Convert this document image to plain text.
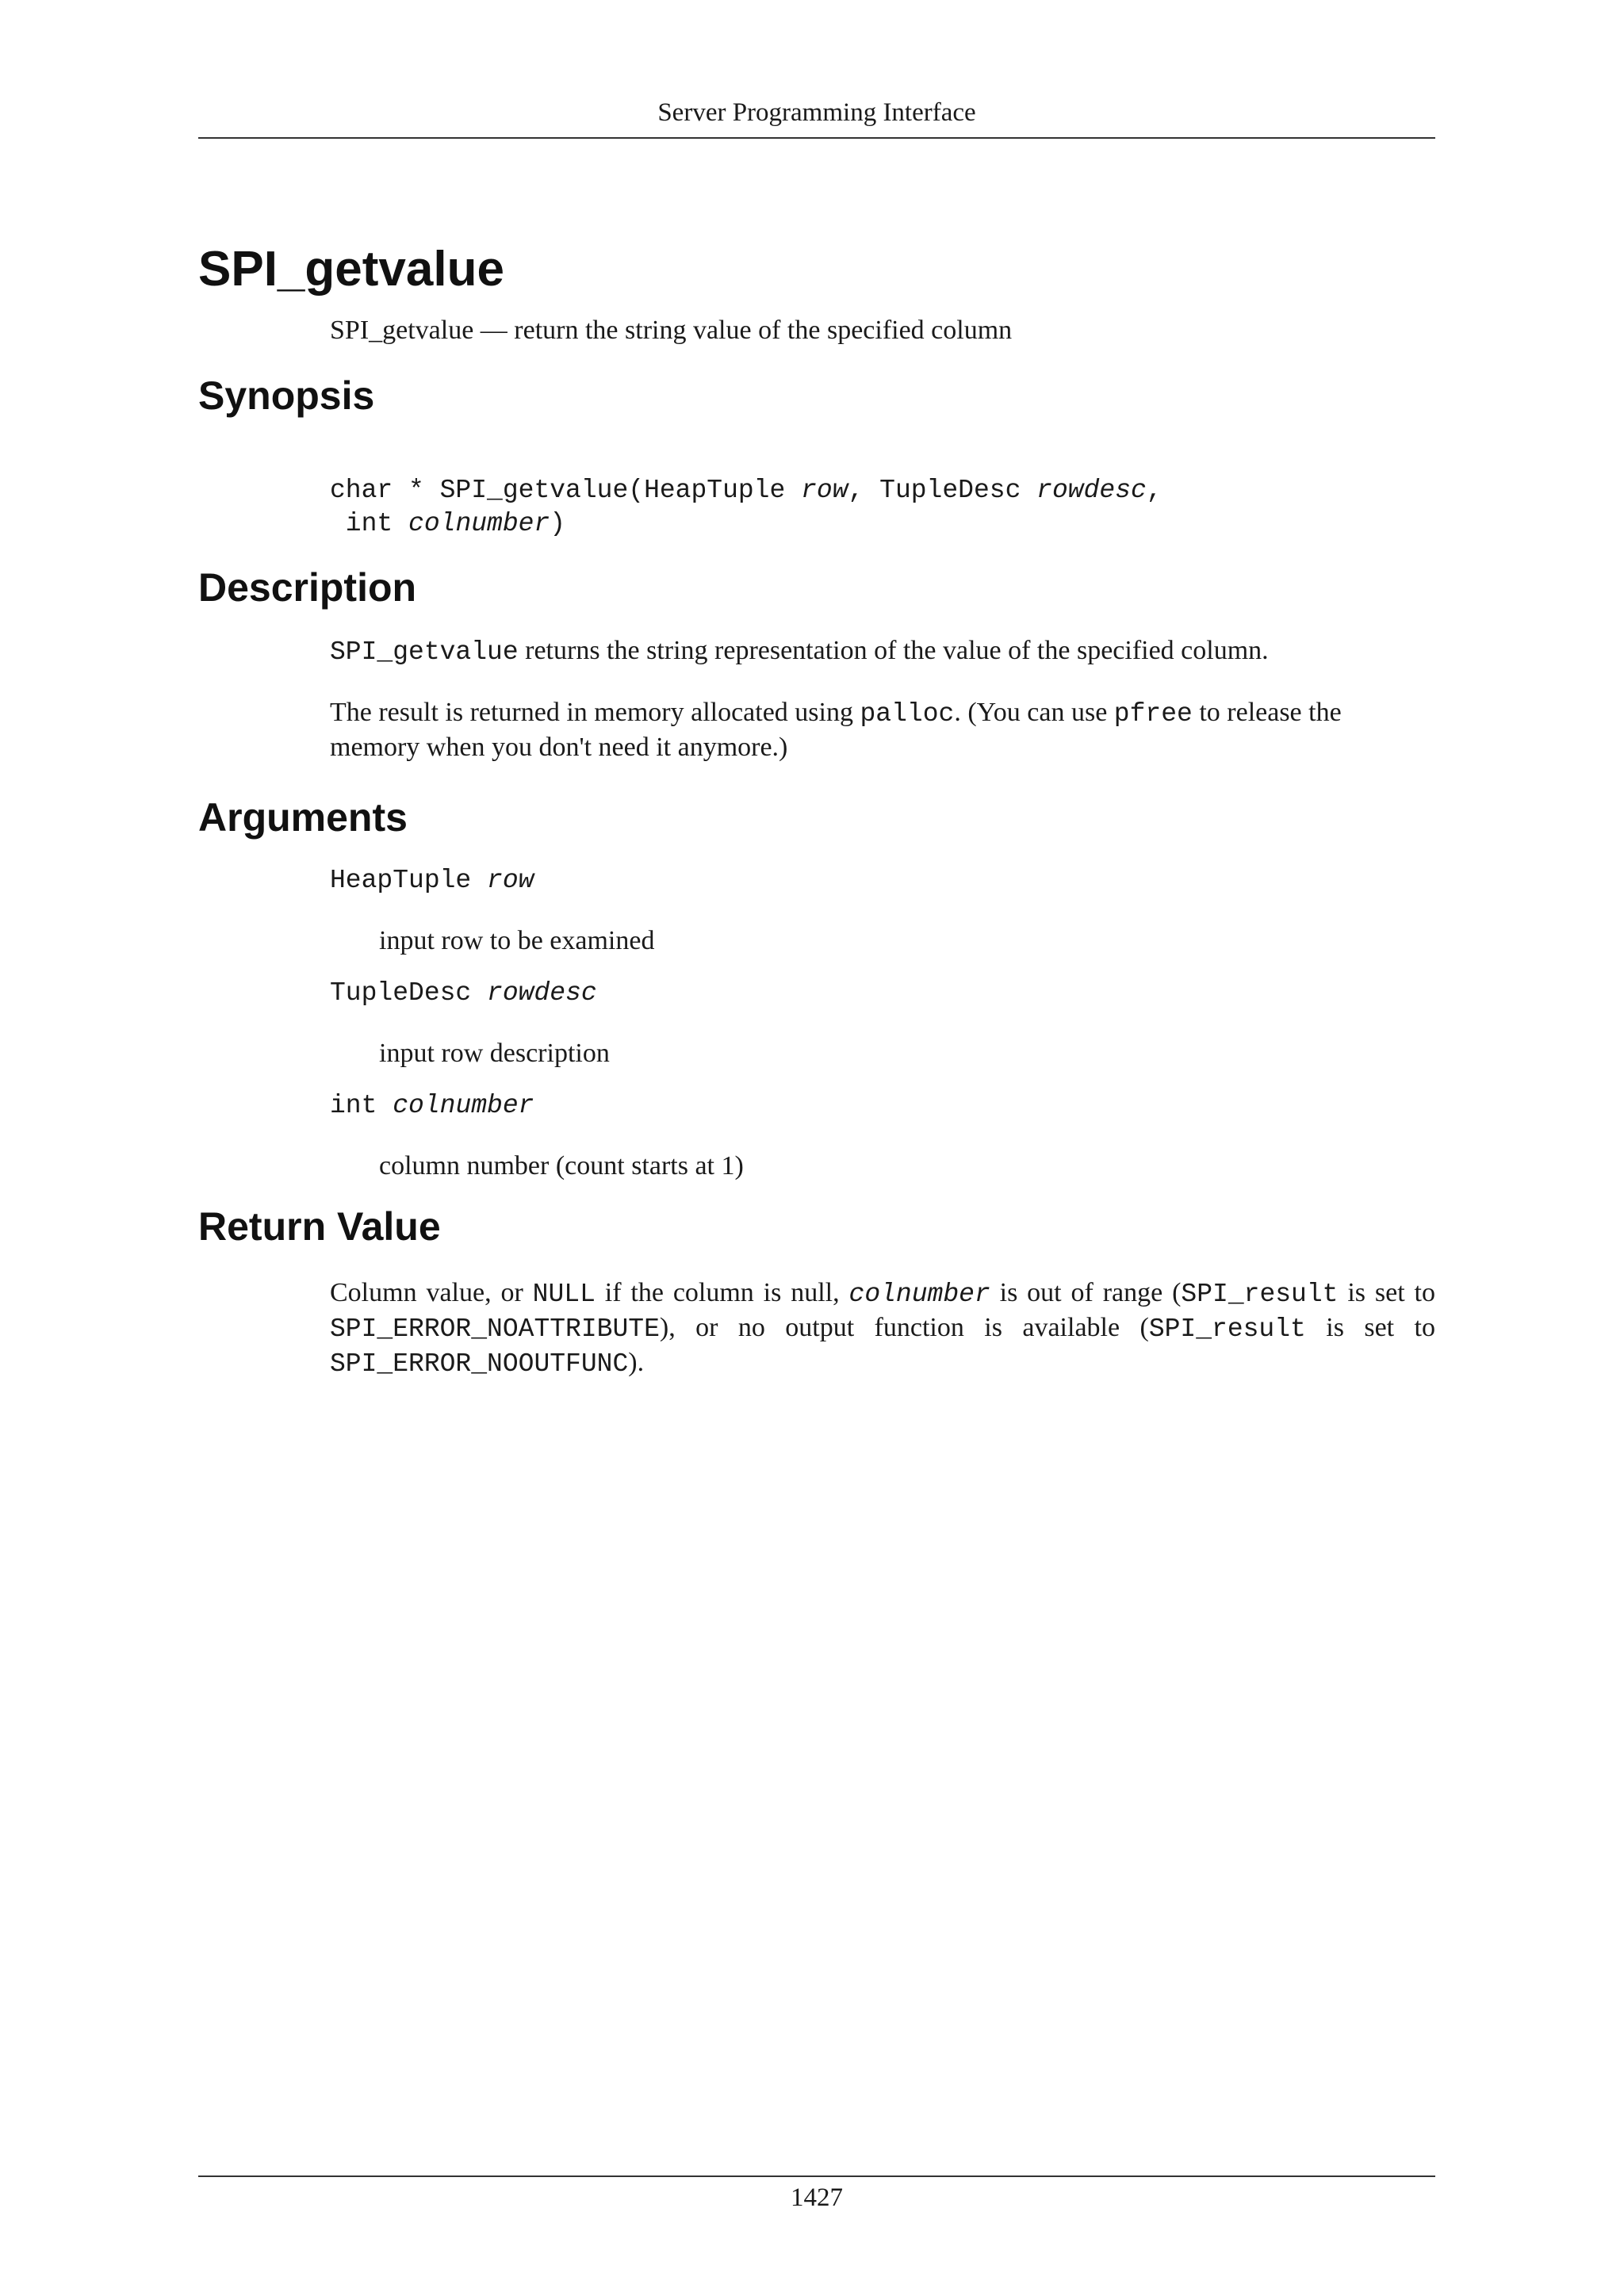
Server Programming Interface
SPI_getvalue

SPI_getvalue — return the string value of the specified column

Synopsis
char * SPI_getvalue(HeapTuple row, TupleDesc rowdesc,
int colnumber)
Description

SPI_getvalue returns the string representation of the value of the specified column.

The result is returned in memory allocated using palloc. (You can use pfree to release the memory when you don't need it anymore.)

Arguments
HeapTuple row

input row to be examined

TupleDesc rowdesc

input row description

int colnumber

column number (count starts at 1)

Return Value

Column value, or NULL if the column is null, colnumber is out of range (SPI_result is set to SPI_ERROR_NOATTRIBUTE), or no output function is available (SPI_result is set to SPI_ERROR_NOOUTFUNC).

1427
